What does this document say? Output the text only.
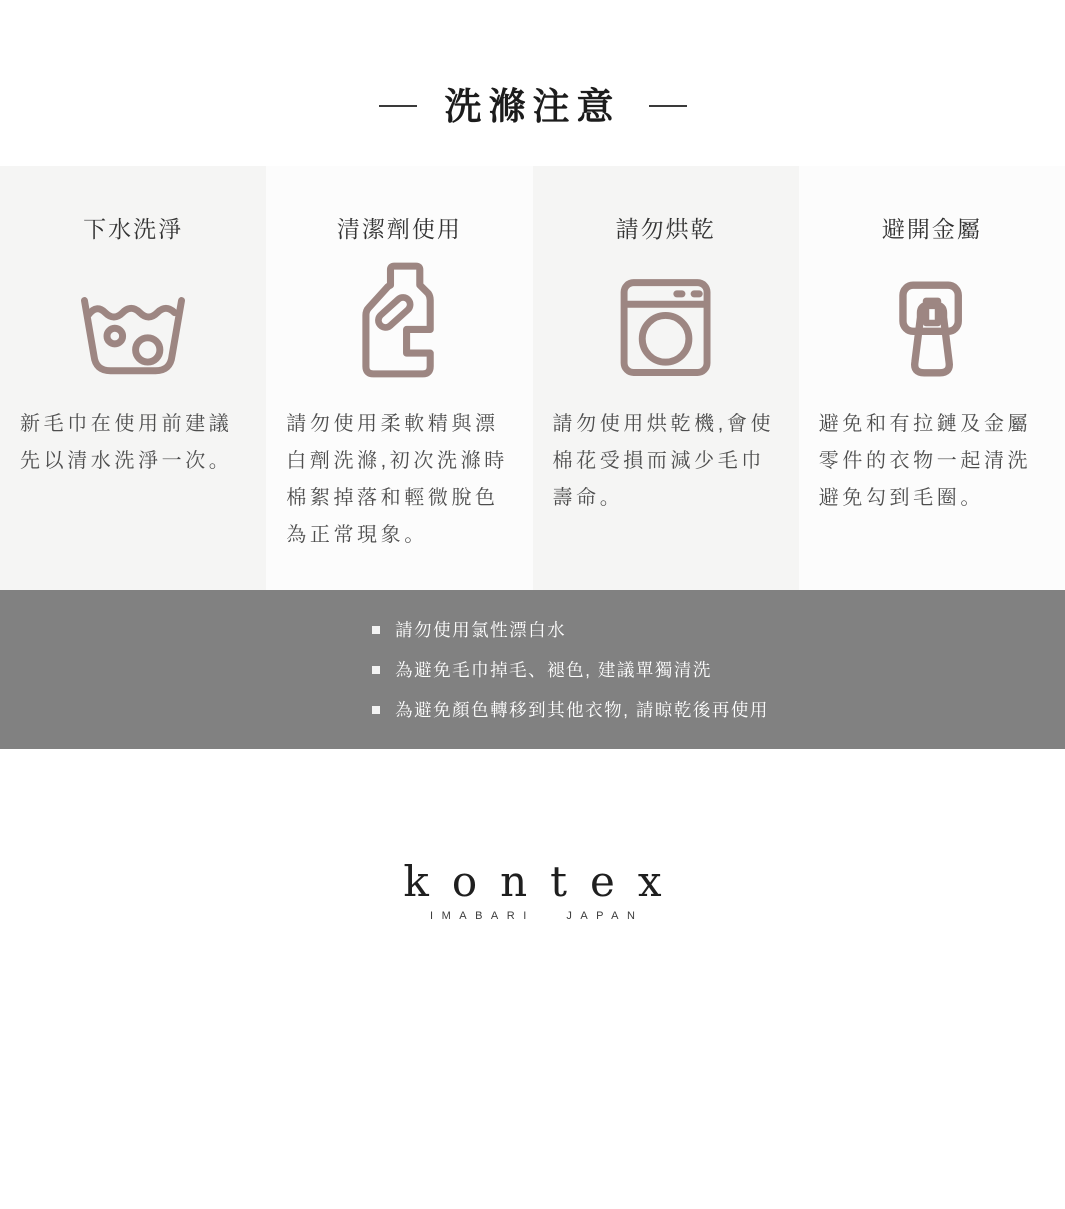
洗滌注意
下水洗淨

新毛巾在使用前建議先以清水洗淨一次。

清潔劑使用

請勿使用柔軟精與漂白劑洗滌,初次洗滌時棉絮掉落和輕微脫色為正常現象。

請勿烘乾

請勿使用烘乾機,會使棉花受損而減少毛巾壽命。

避開金屬

避免和有拉鏈及金屬零件的衣物一起清洗避免勾到毛圈。

請勿使用氯性漂白水
為避免毛巾掉毛、褪色, 建議單獨清洗
為避免顏色轉移到其他衣物, 請晾乾後再使用
kontex
IMABARI JAPAN
